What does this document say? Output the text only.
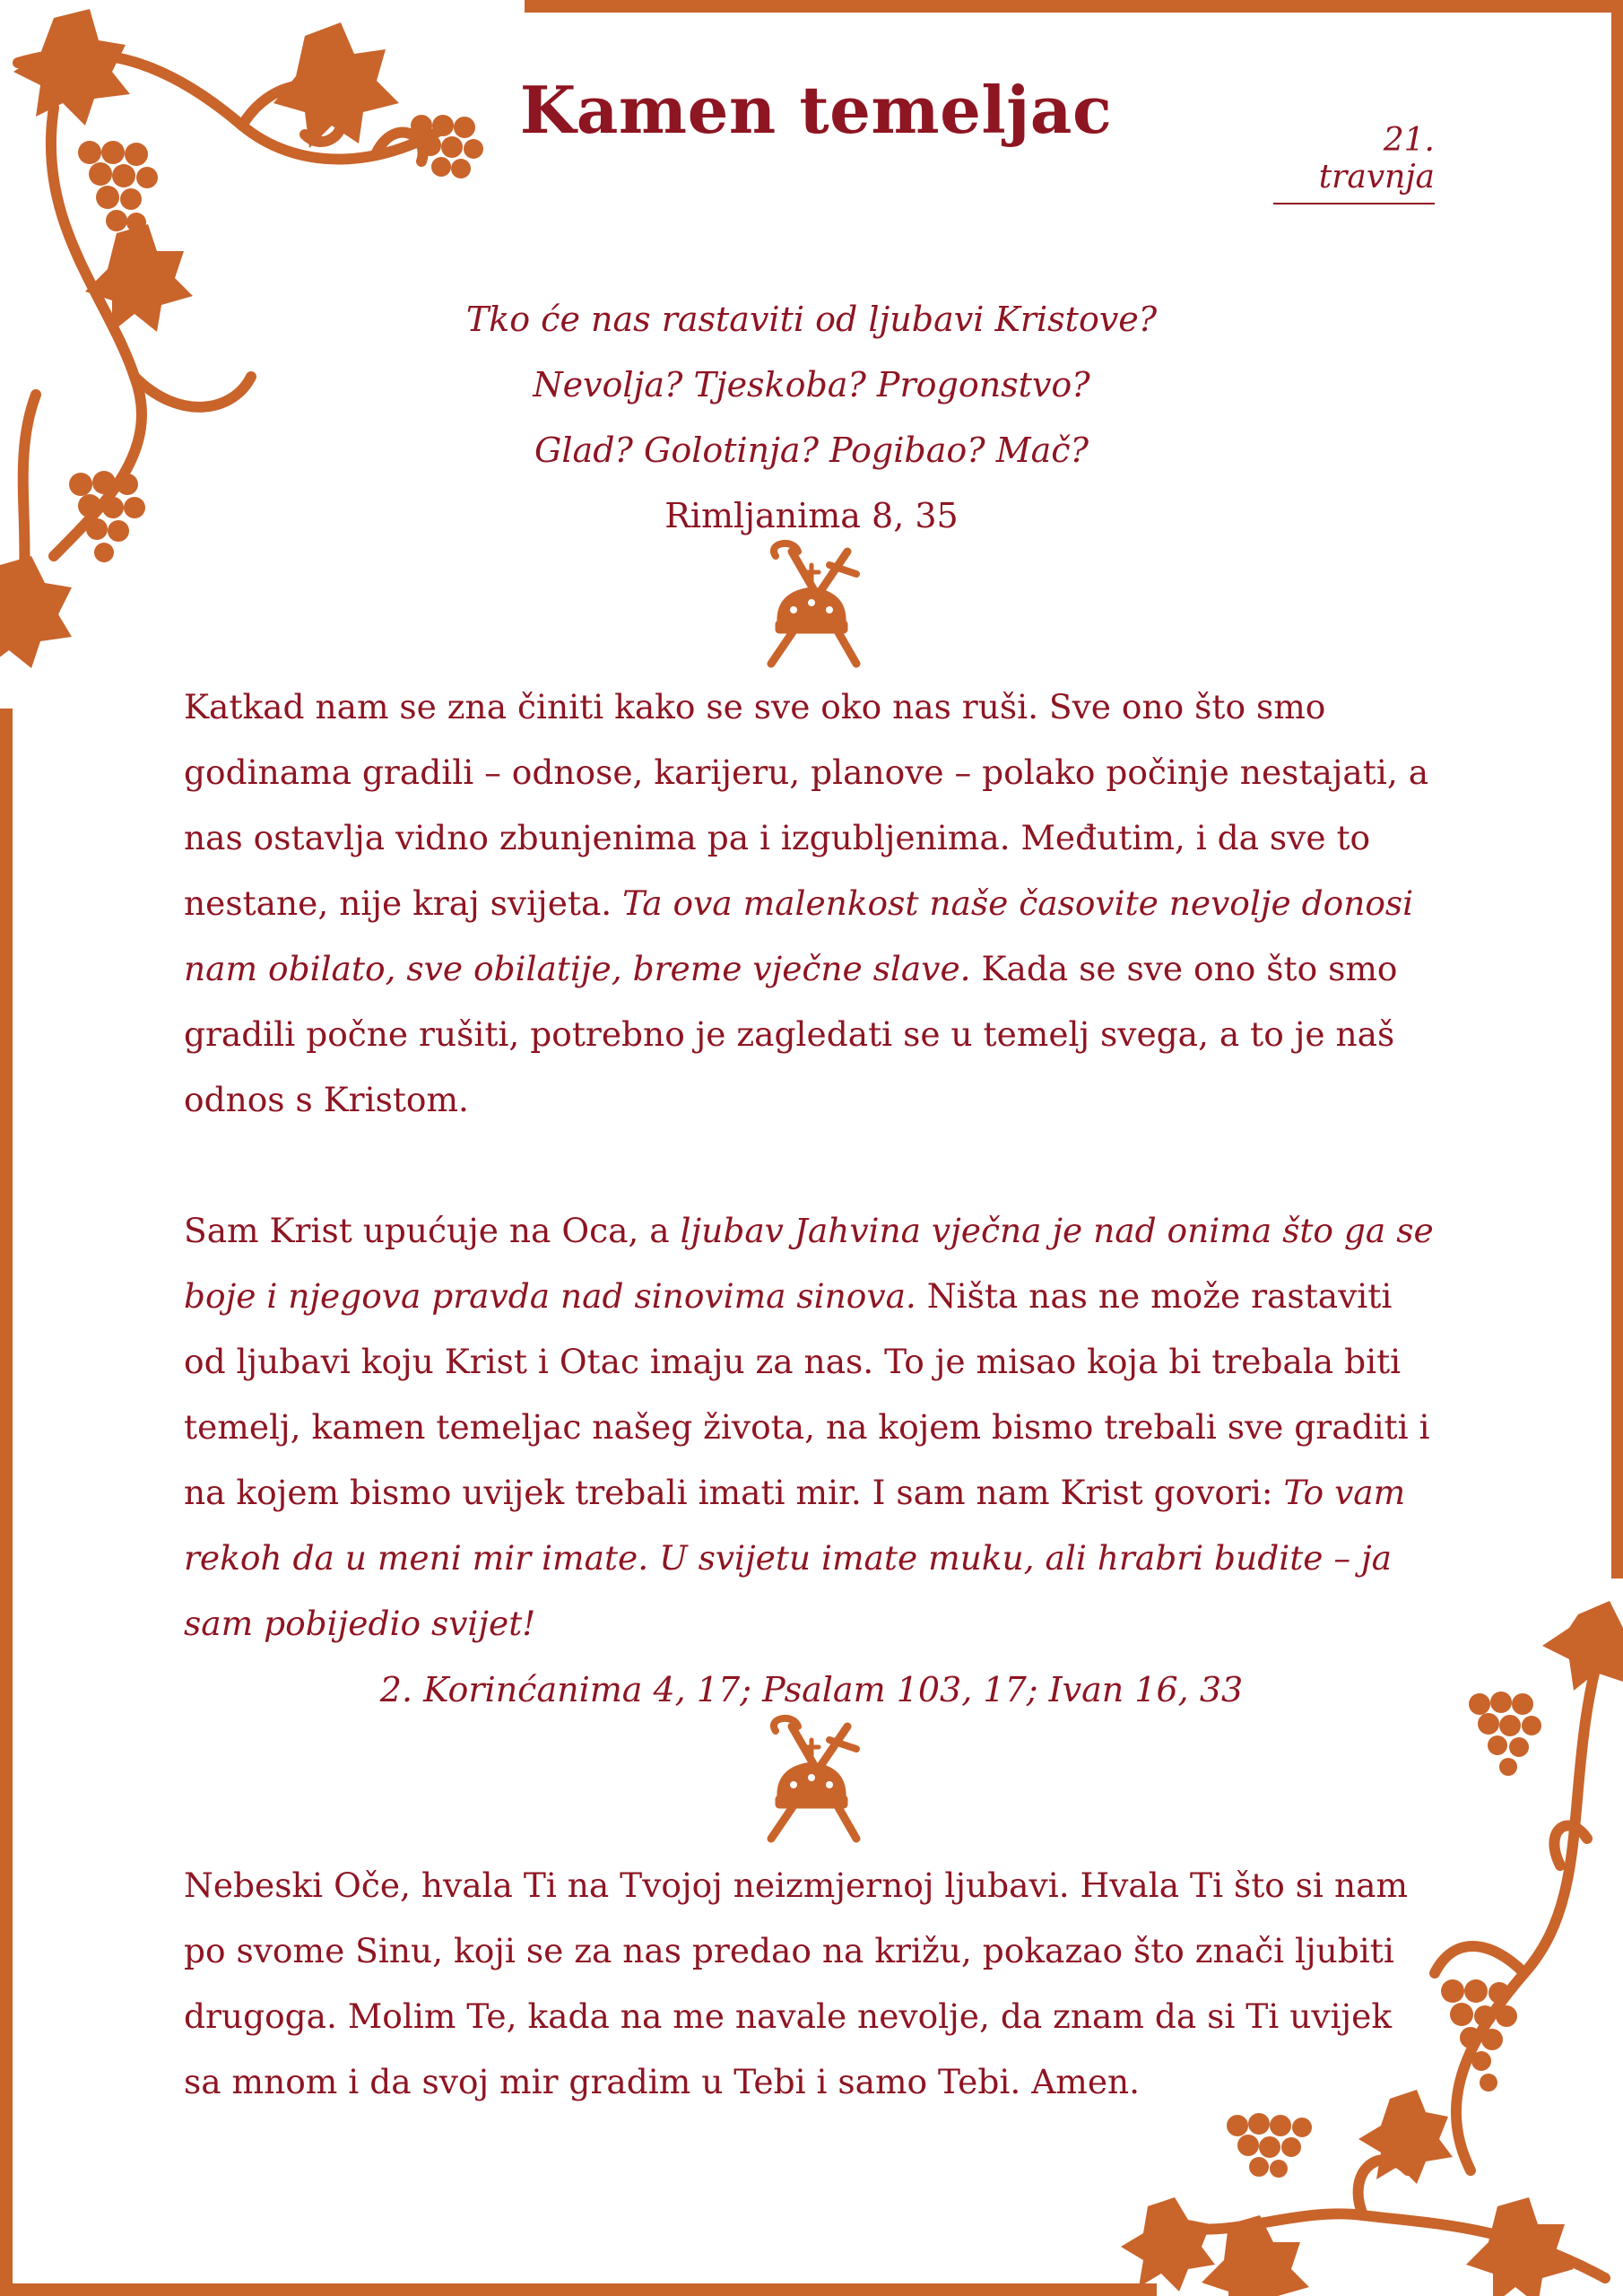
Kamen temeljac	21. travnja
Tko će nas rastaviti od ljubavi Kristove?
Nevolja? Tjeskoba? Progonstvo?
Glad? Golotinja? Pogibao? Mač?
Rimljanima 8, 35

Katkad nam se zna činiti kako se sve oko nas ruši. Sve ono što smo godinama gradili – odnose, karijeru, planove – polako počinje nestajati, a nas ostavlja vidno zbunjenima pa i izgubljenima. Međutim, i da sve to nestane, nije kraj svijeta. Ta ova malenkost naše časovite nevolje donosi nam obilato, sve obilatije, breme vječne slave. Kada se sve ono što smo gradili počne rušiti, potrebno je zagledati se u temelj svega, a to je naš odnos s Kristom.

Sam Krist upućuje na Oca, a ljubav Jahvina vječna je nad onima što ga se boje i njegova pravda nad sinovima sinova. Ništa nas ne može rastaviti od ljubavi koju Krist i Otac imaju za nas. To je misao koja bi trebala biti temelj, kamen temeljac našeg života, na kojem bismo trebali sve graditi i na kojem bismo uvijek trebali imati mir. I sam nam Krist govori: To vam rekoh da u meni mir imate. U svijetu imate muku, ali hrabri budite – ja sam pobijedio svijet!

2. Korinćanima 4, 17; Psalam 103, 17; Ivan 16, 33

Nebeski Oče, hvala Ti na Tvojoj neizmjernoj ljubavi. Hvala Ti što si nam po svome Sinu, koji se za nas predao na križu, pokazao što znači ljubiti drugoga. Molim Te, kada na me navale nevolje, da znam da si Ti uvijek sa mnom i da svoj mir gradim u Tebi i samo Tebi. Amen.
